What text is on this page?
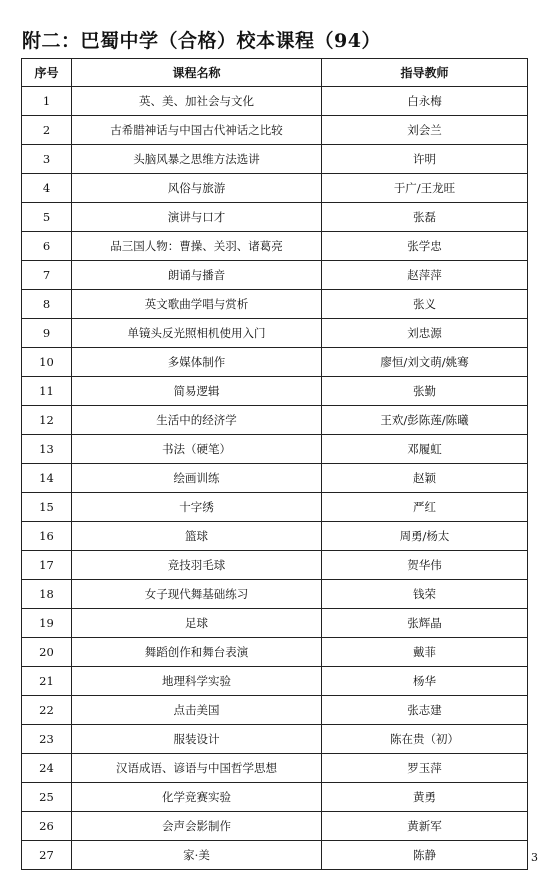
附二：巴蜀中学（合格）校本课程（94）
序号	课程名称	指导教师
1	英、美、加社会与文化	白永梅
2	古希腊神话与中国古代神话之比较	刘会兰
3	头脑风暴之思维方法选讲	许明
4	风俗与旅游	于广/王龙旺
5	演讲与口才	张磊
6	品三国人物：曹操、关羽、诸葛亮	张学忠
7	朗诵与播音	赵萍萍
8	英文歌曲学唱与赏析	张义
9	单镜头反光照相机使用入门	刘忠源
10	多媒体制作	廖恒/刘文萌/姚骞
11	简易逻辑	张勤
12	生活中的经济学	王欢/彭陈莲/陈曦
13	书法（硬笔）	邓履虹
14	绘画训练	赵颖
15	十字绣	严红
16	篮球	周勇/杨太
17	竞技羽毛球	贺华伟
18	女子现代舞基础练习	钱荣
19	足球	张辉晶
20	舞蹈创作和舞台表演	戴菲
21	地理科学实验	杨华
22	点击美国	张志建
23	服装设计	陈在贵（初）
24	汉语成语、谚语与中国哲学思想	罗玉萍
25	化学竞赛实验	黄勇
26	会声会影制作	黄新军
27	家·美	陈静	3
